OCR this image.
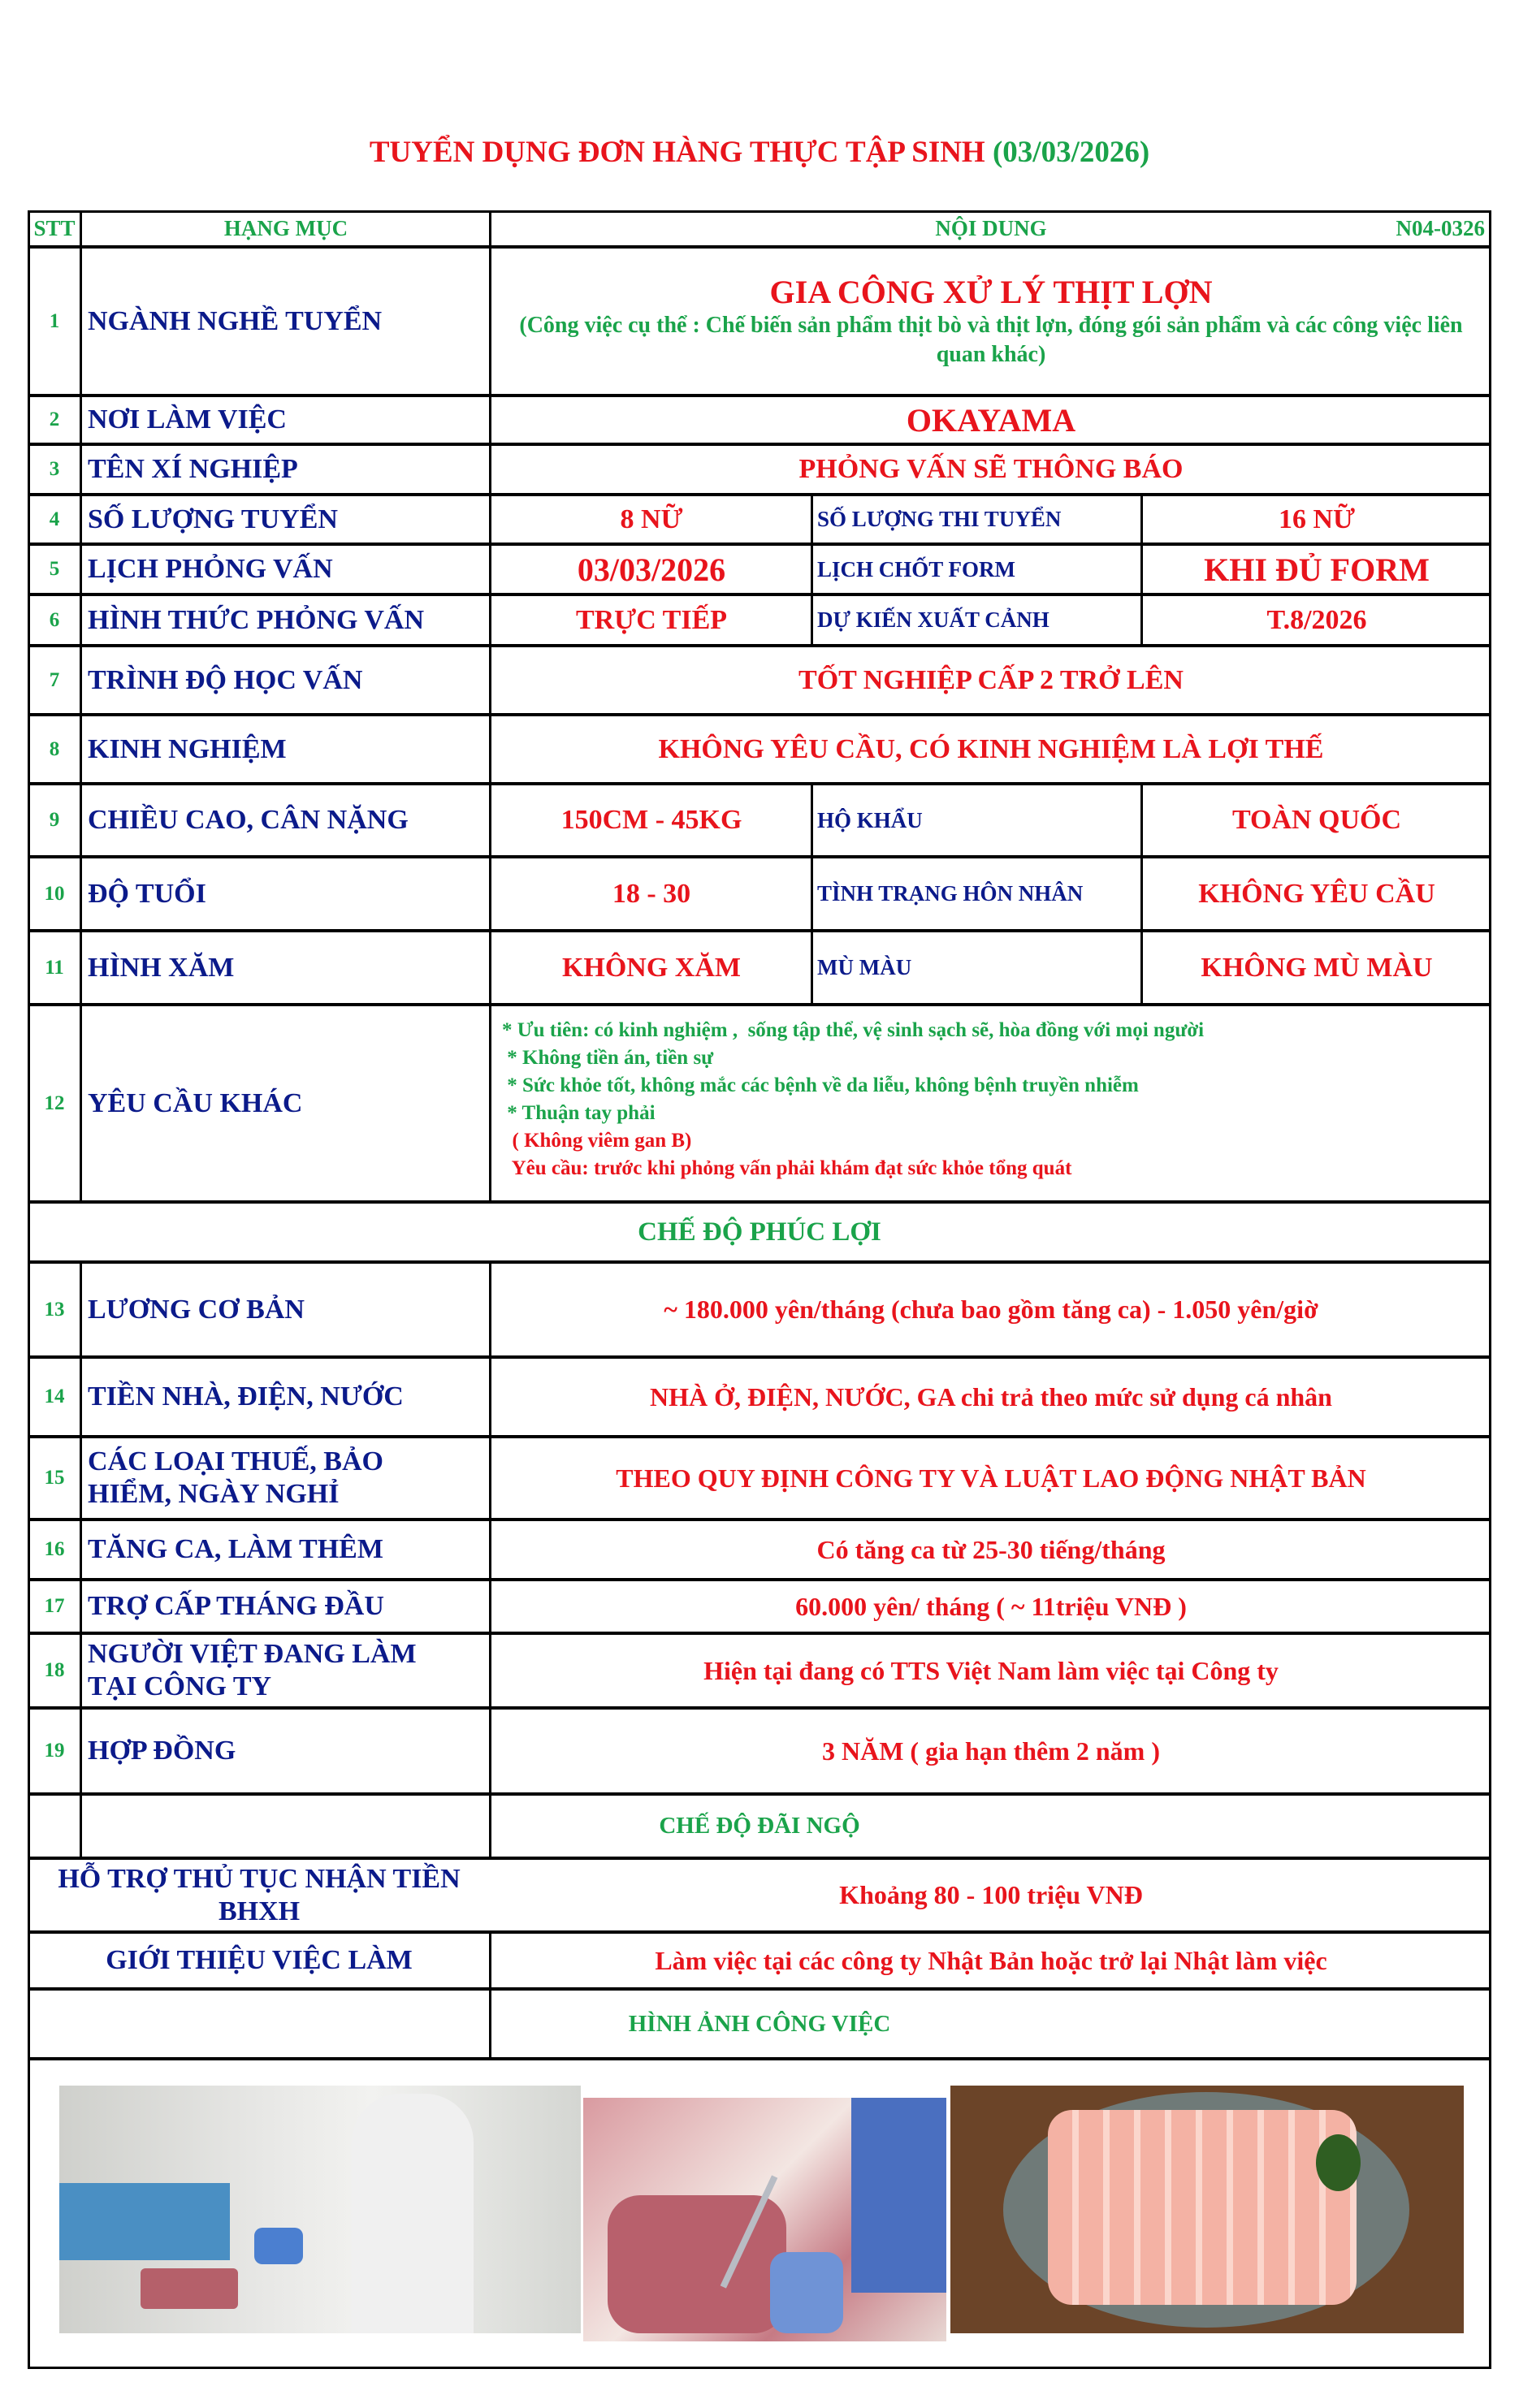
TUYỂN DỤNG ĐƠN HÀNG THỰC TẬP SINH (03/03/2026)
STT	HẠNG MỤC	NỘI DUNG	N04-0326
1	NGÀNH NGHỀ TUYỂN
GIA CÔNG XỬ LÝ THỊT LỢN
(Công việc cụ thể : Chế biến sản phẩm thịt bò và thịt lợn, đóng gói sản phẩm và các công việc liên quan khác)
2	NƠI LÀM VIỆC	OKAYAMA
3	TÊN XÍ NGHIỆP	PHỎNG VẤN SẼ THÔNG BÁO
4	SỐ LƯỢNG TUYỂN	8 NỮ	SỐ LƯỢNG THI TUYỂN	16 NỮ
5	LỊCH PHỎNG VẤN	03/03/2026	LỊCH CHỐT FORM	KHI ĐỦ FORM
6	HÌNH THỨC PHỎNG VẤN	TRỰC TIẾP	DỰ KIẾN XUẤT CẢNH	T.8/2026
7	TRÌNH ĐỘ HỌC VẤN	TỐT NGHIỆP CẤP 2 TRỞ LÊN
8	KINH NGHIỆM	KHÔNG YÊU CẦU, CÓ KINH NGHIỆM LÀ LỢI THẾ
9	CHIỀU CAO, CÂN NẶNG	150CM - 45KG	HỘ KHẨU	TOÀN QUỐC
10 ĐỘ TUỔI	18 - 30	TÌNH TRẠNG HÔN NHÂN	KHÔNG YÊU CẦU
11 HÌNH XĂM	KHÔNG XĂM	MÙ MÀU	KHÔNG MÙ MÀU
12 YÊU CẦU KHÁC
* Ưu tiên: có kinh nghiệm ,  sống tập thể, vệ sinh sạch sẽ, hòa đồng với mọi người
* Không tiền án, tiền sự
* Sức khỏe tốt, không mắc các bệnh về da liễu, không bệnh truyền nhiễm
* Thuận tay phải
( Không viêm gan B)
Yêu cầu: trước khi phỏng vấn phải khám đạt sức khỏe tổng quát
CHẾ ĐỘ PHÚC LỢI
13 LƯƠNG CƠ BẢN	~ 180.000 yên/tháng (chưa bao gồm tăng ca) - 1.050 yên/giờ
14 TIỀN NHÀ, ĐIỆN, NƯỚC	NHÀ Ở, ĐIỆN, NƯỚC, GA chi trả theo mức sử dụng cá nhân
15
CÁC LOẠI THUẾ, BẢO
HIỂM, NGÀY NGHỈ
THEO QUY ĐỊNH CÔNG TY VÀ LUẬT LAO ĐỘNG NHẬT BẢN
16 TĂNG CA, LÀM THÊM	Có tăng ca từ 25-30 tiếng/tháng
17 TRỢ CẤP THÁNG ĐẦU	60.000 yên/ tháng ( ~ 11triệu VNĐ )
18
NGƯỜI VIỆT ĐANG LÀM
TẠI CÔNG TY
Hiện tại đang có TTS Việt Nam làm việc tại Công ty
19 HỢP ĐỒNG	3 NĂM ( gia hạn thêm 2 năm )
CHẾ ĐỘ ĐÃI NGỘ
HỖ TRỢ THỦ TỤC NHẬN TIỀN
BHXH
Khoảng 80 - 100 triệu VNĐ
GIỚI THIỆU VIỆC LÀM	Làm việc tại các công ty Nhật Bản hoặc trở lại Nhật làm việc
HÌNH ẢNH CÔNG VIỆC
